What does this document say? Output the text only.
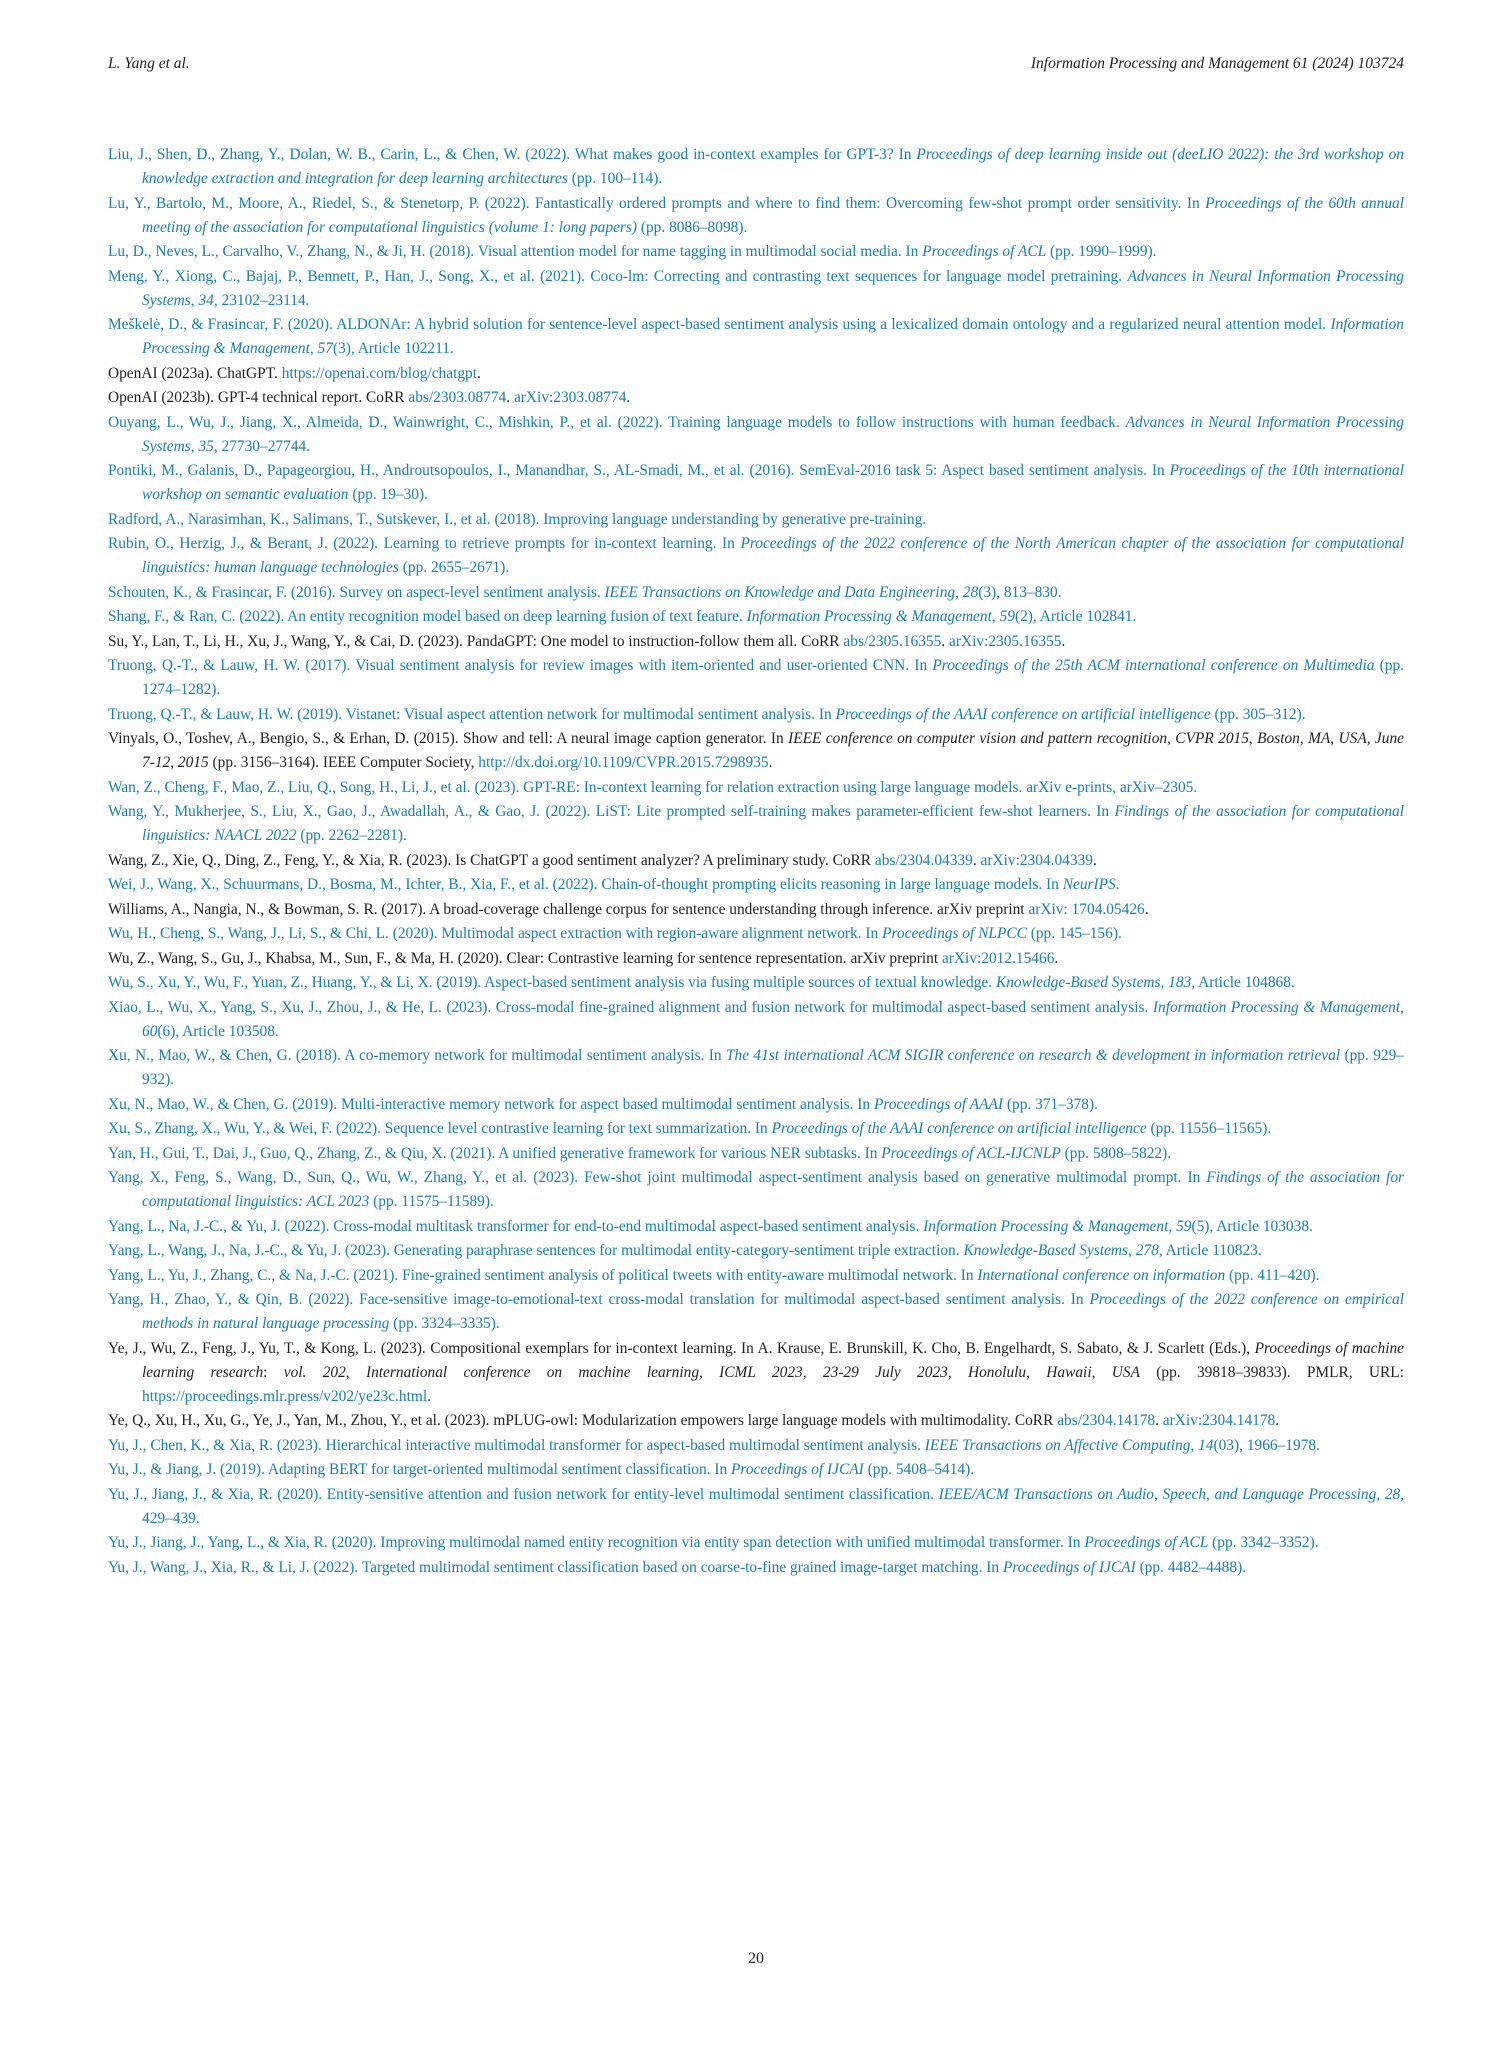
L. Yang et al.	Information Processing and Management 61 (2024) 103724

Liu, J., Shen, D., Zhang, Y., Dolan, W. B., Carin, L., & Chen, W. (2022). What makes good in-context examples for GPT-3? In Proceedings of deep learning inside out (deeLIO 2022): the 3rd workshop on knowledge extraction and integration for deep learning architectures (pp. 100–114).

Lu, Y., Bartolo, M., Moore, A., Riedel, S., & Stenetorp, P. (2022). Fantastically ordered prompts and where to find them: Overcoming few-shot prompt order sensitivity. In Proceedings of the 60th annual meeting of the association for computational linguistics (volume 1: long papers) (pp. 8086–8098).

Lu, D., Neves, L., Carvalho, V., Zhang, N., & Ji, H. (2018). Visual attention model for name tagging in multimodal social media. In Proceedings of ACL (pp. 1990–1999).

Meng, Y., Xiong, C., Bajaj, P., Bennett, P., Han, J., Song, X., et al. (2021). Coco-lm: Correcting and contrasting text sequences for language model pretraining. Advances in Neural Information Processing Systems, 34, 23102–23114.

Meškelė, D., & Frasincar, F. (2020). ALDONAr: A hybrid solution for sentence-level aspect-based sentiment analysis using a lexicalized domain ontology and a regularized neural attention model. Information Processing & Management, 57(3), Article 102211.

OpenAI (2023a). ChatGPT. https://openai.com/blog/chatgpt.

OpenAI (2023b). GPT-4 technical report. CoRR abs/2303.08774. arXiv:2303.08774.

Ouyang, L., Wu, J., Jiang, X., Almeida, D., Wainwright, C., Mishkin, P., et al. (2022). Training language models to follow instructions with human feedback. Advances in Neural Information Processing Systems, 35, 27730–27744.

Pontiki, M., Galanis, D., Papageorgiou, H., Androutsopoulos, I., Manandhar, S., AL-Smadi, M., et al. (2016). SemEval-2016 task 5: Aspect based sentiment analysis. In Proceedings of the 10th international workshop on semantic evaluation (pp. 19–30).

Radford, A., Narasimhan, K., Salimans, T., Sutskever, I., et al. (2018). Improving language understanding by generative pre-training.

Rubin, O., Herzig, J., & Berant, J. (2022). Learning to retrieve prompts for in-context learning. In Proceedings of the 2022 conference of the North American chapter of the association for computational linguistics: human language technologies (pp. 2655–2671).

Schouten, K., & Frasincar, F. (2016). Survey on aspect-level sentiment analysis. IEEE Transactions on Knowledge and Data Engineering, 28(3), 813–830.

Shang, F., & Ran, C. (2022). An entity recognition model based on deep learning fusion of text feature. Information Processing & Management, 59(2), Article 102841.

Su, Y., Lan, T., Li, H., Xu, J., Wang, Y., & Cai, D. (2023). PandaGPT: One model to instruction-follow them all. CoRR abs/2305.16355. arXiv:2305.16355.

Truong, Q.-T., & Lauw, H. W. (2017). Visual sentiment analysis for review images with item-oriented and user-oriented CNN. In Proceedings of the 25th ACM international conference on Multimedia (pp. 1274–1282).

Truong, Q.-T., & Lauw, H. W. (2019). Vistanet: Visual aspect attention network for multimodal sentiment analysis. In Proceedings of the AAAI conference on artificial intelligence (pp. 305–312).

Vinyals, O., Toshev, A., Bengio, S., & Erhan, D. (2015). Show and tell: A neural image caption generator. In IEEE conference on computer vision and pattern recognition, CVPR 2015, Boston, MA, USA, June 7-12, 2015 (pp. 3156–3164). IEEE Computer Society, http://dx.doi.org/10.1109/CVPR.2015.7298935.

Wan, Z., Cheng, F., Mao, Z., Liu, Q., Song, H., Li, J., et al. (2023). GPT-RE: In-context learning for relation extraction using large language models. arXiv e-prints, arXiv–2305.

Wang, Y., Mukherjee, S., Liu, X., Gao, J., Awadallah, A., & Gao, J. (2022). LiST: Lite prompted self-training makes parameter-efficient few-shot learners. In Findings of the association for computational linguistics: NAACL 2022 (pp. 2262–2281).

Wang, Z., Xie, Q., Ding, Z., Feng, Y., & Xia, R. (2023). Is ChatGPT a good sentiment analyzer? A preliminary study. CoRR abs/2304.04339. arXiv:2304.04339.

Wei, J., Wang, X., Schuurmans, D., Bosma, M., Ichter, B., Xia, F., et al. (2022). Chain-of-thought prompting elicits reasoning in large language models. In NeurIPS.

Williams, A., Nangia, N., & Bowman, S. R. (2017). A broad-coverage challenge corpus for sentence understanding through inference. arXiv preprint arXiv: 1704.05426.

Wu, H., Cheng, S., Wang, J., Li, S., & Chi, L. (2020). Multimodal aspect extraction with region-aware alignment network. In Proceedings of NLPCC (pp. 145–156).

Wu, Z., Wang, S., Gu, J., Khabsa, M., Sun, F., & Ma, H. (2020). Clear: Contrastive learning for sentence representation. arXiv preprint arXiv:2012.15466.

Wu, S., Xu, Y., Wu, F., Yuan, Z., Huang, Y., & Li, X. (2019). Aspect-based sentiment analysis via fusing multiple sources of textual knowledge. Knowledge-Based Systems, 183, Article 104868.

Xiao, L., Wu, X., Yang, S., Xu, J., Zhou, J., & He, L. (2023). Cross-modal fine-grained alignment and fusion network for multimodal aspect-based sentiment analysis. Information Processing & Management, 60(6), Article 103508.

Xu, N., Mao, W., & Chen, G. (2018). A co-memory network for multimodal sentiment analysis. In The 41st international ACM SIGIR conference on research & development in information retrieval (pp. 929–932).

Xu, N., Mao, W., & Chen, G. (2019). Multi-interactive memory network for aspect based multimodal sentiment analysis. In Proceedings of AAAI (pp. 371–378).

Xu, S., Zhang, X., Wu, Y., & Wei, F. (2022). Sequence level contrastive learning for text summarization. In Proceedings of the AAAI conference on artificial intelligence (pp. 11556–11565).

Yan, H., Gui, T., Dai, J., Guo, Q., Zhang, Z., & Qiu, X. (2021). A unified generative framework for various NER subtasks. In Proceedings of ACL-IJCNLP (pp. 5808–5822).

Yang, X., Feng, S., Wang, D., Sun, Q., Wu, W., Zhang, Y., et al. (2023). Few-shot joint multimodal aspect-sentiment analysis based on generative multimodal prompt. In Findings of the association for computational linguistics: ACL 2023 (pp. 11575–11589).

Yang, L., Na, J.-C., & Yu, J. (2022). Cross-modal multitask transformer for end-to-end multimodal aspect-based sentiment analysis. Information Processing & Management, 59(5), Article 103038.

Yang, L., Wang, J., Na, J.-C., & Yu, J. (2023). Generating paraphrase sentences for multimodal entity-category-sentiment triple extraction. Knowledge-Based Systems, 278, Article 110823.

Yang, L., Yu, J., Zhang, C., & Na, J.-C. (2021). Fine-grained sentiment analysis of political tweets with entity-aware multimodal network. In International conference on information (pp. 411–420).

Yang, H., Zhao, Y., & Qin, B. (2022). Face-sensitive image-to-emotional-text cross-modal translation for multimodal aspect-based sentiment analysis. In Proceedings of the 2022 conference on empirical methods in natural language processing (pp. 3324–3335).

Ye, J., Wu, Z., Feng, J., Yu, T., & Kong, L. (2023). Compositional exemplars for in-context learning. In A. Krause, E. Brunskill, K. Cho, B. Engelhardt, S. Sabato, & J. Scarlett (Eds.), Proceedings of machine learning research: vol. 202, International conference on machine learning, ICML 2023, 23-29 July 2023, Honolulu, Hawaii, USA (pp. 39818–39833). PMLR, URL: https://proceedings.mlr.press/v202/ye23c.html.

Ye, Q., Xu, H., Xu, G., Ye, J., Yan, M., Zhou, Y., et al. (2023). mPLUG-owl: Modularization empowers large language models with multimodality. CoRR abs/2304.14178. arXiv:2304.14178.

Yu, J., Chen, K., & Xia, R. (2023). Hierarchical interactive multimodal transformer for aspect-based multimodal sentiment analysis. IEEE Transactions on Affective Computing, 14(03), 1966–1978.

Yu, J., & Jiang, J. (2019). Adapting BERT for target-oriented multimodal sentiment classification. In Proceedings of IJCAI (pp. 5408–5414).

Yu, J., Jiang, J., & Xia, R. (2020). Entity-sensitive attention and fusion network for entity-level multimodal sentiment classification. IEEE/ACM Transactions on Audio, Speech, and Language Processing, 28, 429–439.

Yu, J., Jiang, J., Yang, L., & Xia, R. (2020). Improving multimodal named entity recognition via entity span detection with unified multimodal transformer. In Proceedings of ACL (pp. 3342–3352).

Yu, J., Wang, J., Xia, R., & Li, J. (2022). Targeted multimodal sentiment classification based on coarse-to-fine grained image-target matching. In Proceedings of IJCAI (pp. 4482–4488).

20
